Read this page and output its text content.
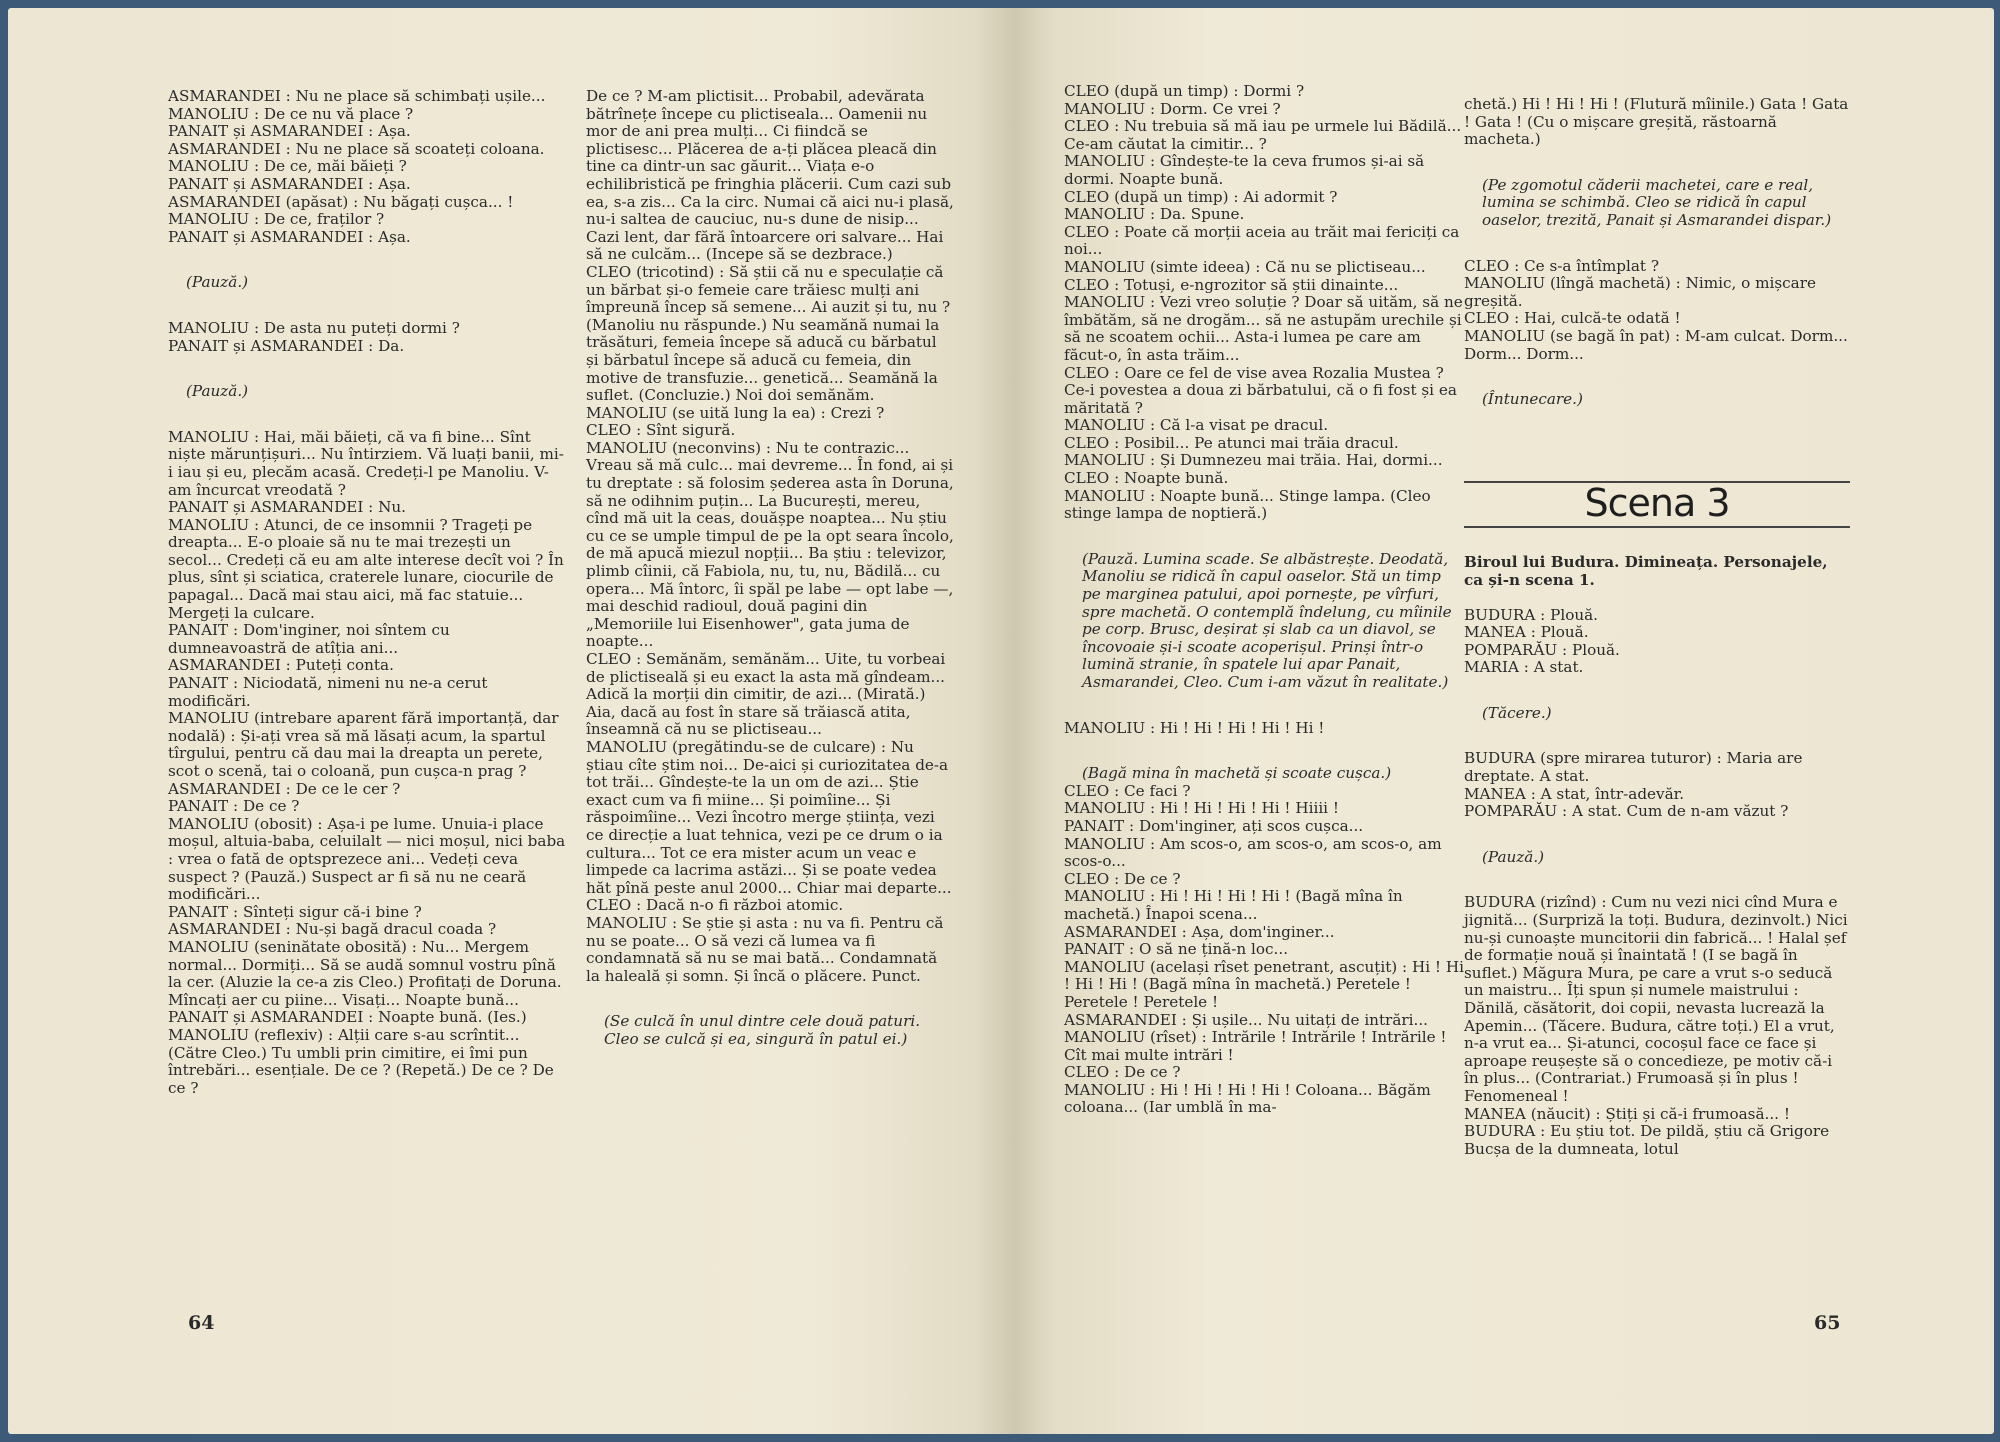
ASMARANDEI : Nu ne place să schimbați ușile...

MANOLIU : De ce nu vă place ?

PANAIT și ASMARANDEI : Așa.

ASMARANDEI : Nu ne place să scoateți coloana.

MANOLIU : De ce, măi băieți ?

PANAIT și ASMARANDEI : Așa.

ASMARANDEI (apăsat) : Nu băgați cușca... !

MANOLIU : De ce, fraților ?

PANAIT și ASMARANDEI : Așa.

(Pauză.)

MANOLIU : De asta nu puteți dormi ?

PANAIT și ASMARANDEI : Da.

(Pauză.)

MANOLIU : Hai, măi băieți, că va fi bine... Sînt niște mărunțișuri... Nu întirziem. Vă luați banii, mi-i iau și eu, plecăm acasă. Credeți-l pe Manoliu. V-am încurcat vreodată ?

PANAIT și ASMARANDEI : Nu.

MANOLIU : Atunci, de ce insomnii ? Trageți pe dreapta... E-o ploaie să nu te mai trezești un secol... Credeți că eu am alte interese decît voi ? În plus, sînt și sciatica, craterele lunare, ciocurile de papagal... Dacă mai stau aici, mă fac statuie... Mergeți la culcare.

PANAIT : Dom'inginer, noi sîntem cu dumneavoastră de atîția ani...

ASMARANDEI : Puteți conta.

PANAIT : Niciodată, nimeni nu ne-a cerut modificări.

MANOLIU (intrebare aparent fără importanță, dar nodală) : Și-ați vrea să mă lăsați acum, la spartul tîrgului, pentru că dau mai la dreapta un perete, scot o scenă, tai o coloană, pun cușca-n prag ?

ASMARANDEI : De ce le cer ?

PANAIT : De ce ?

MANOLIU (obosit) : Așa-i pe lume. Unuia-i place moșul, altuia-baba, celuilalt — nici moșul, nici baba : vrea o fată de optsprezece ani... Vedeți ceva suspect ? (Pauză.) Suspect ar fi să nu ne ceară modificări...

PANAIT : Sînteți sigur că-i bine ?

ASMARANDEI : Nu-și bagă dracul coada ?

MANOLIU (seninătate obosită) : Nu... Mergem normal... Dormiți... Să se audă somnul vostru pînă la cer. (Aluzie la ce-a zis Cleo.) Profitați de Doruna. Mîncați aer cu piine... Visați... Noapte bună...

PANAIT și ASMARANDEI : Noapte bună. (Ies.)

MANOLIU (reflexiv) : Alții care s-au scrîntit... (Către Cleo.) Tu umbli prin cimitire, ei îmi pun întrebări... esențiale. De ce ? (Repetă.) De ce ? De ce ?

De ce ? M-am plictisit... Probabil, adevărata bătrînețe începe cu plictiseala... Oamenii nu mor de ani prea mulți... Ci fiindcă se plictisesc... Plăcerea de a-ți plăcea pleacă din tine ca dintr-un sac găurit... Viața e-o echilibristică pe fringhia plăcerii. Cum cazi sub ea, s-a zis... Ca la circ. Numai că aici nu-i plasă, nu-i saltea de cauciuc, nu-s dune de nisip... Cazi lent, dar fără întoarcere ori salvare... Hai să ne culcăm... (Incepe să se dezbrace.)

CLEO (tricotind) : Să știi că nu e speculație că un bărbat și-o femeie care trăiesc mulți ani împreună încep să semene... Ai auzit și tu, nu ? (Manoliu nu răspunde.) Nu seamănă numai la trăsături, femeia începe să aducă cu bărbatul și bărbatul începe să aducă cu femeia, din motive de transfuzie... genetică... Seamănă la suflet. (Concluzie.) Noi doi semănăm.

MANOLIU (se uită lung la ea) : Crezi ?

CLEO : Sînt sigură.

MANOLIU (neconvins) : Nu te contrazic... Vreau să mă culc... mai devreme... În fond, ai și tu dreptate : să folosim șederea asta în Doruna, să ne odihnim puțin... La București, mereu, cînd mă uit la ceas, douășpe noaptea... Nu știu cu ce se umple timpul de pe la opt seara încolo, de mă apucă miezul nopții... Ba știu : televizor, plimb cîinii, că Fabiola, nu, tu, nu, Bădilă... cu opera... Mă întorc, îi spăl pe labe — opt labe —, mai deschid radioul, două pagini din „Memoriile lui Eisenhower", gata juma de noapte...

CLEO : Semănăm, semănăm... Uite, tu vorbeai de plictiseală și eu exact la asta mă gîndeam... Adică la morții din cimitir, de azi... (Mirată.) Aia, dacă au fost în stare să trăiască atita, înseamnă că nu se plictiseau...

MANOLIU (pregătindu-se de culcare) : Nu știau cîte știm noi... De-aici și curiozitatea de-a tot trăi... Gîndește-te la un om de azi... Știe exact cum va fi miine... Și poimîine... Și răspoimîine... Vezi încotro merge știința, vezi ce direcție a luat tehnica, vezi pe ce drum o ia cultura... Tot ce era mister acum un veac e limpede ca lacrima astăzi... Și se poate vedea hăt pînă peste anul 2000... Chiar mai departe...

CLEO : Dacă n-o fi război atomic.

MANOLIU : Se știe și asta : nu va fi. Pentru că nu se poate... O să vezi că lumea va fi condamnată să nu se mai bată... Condamnată la haleală și somn. Și încă o plăcere. Punct.

(Se culcă în unul dintre cele două paturi. Cleo se culcă și ea, singură în patul ei.)

64

CLEO (după un timp) : Dormi ?

MANOLIU : Dorm. Ce vrei ?

CLEO : Nu trebuia să mă iau pe urmele lui Bădilă... Ce-am căutat la cimitir... ?

MANOLIU : Gîndește-te la ceva frumos și-ai să dormi. Noapte bună.

CLEO (după un timp) : Ai adormit ?

MANOLIU : Da. Spune.

CLEO : Poate că morții aceia au trăit mai fericiți ca noi...

MANOLIU (simte ideea) : Că nu se plictiseau...

CLEO : Totuși, e-ngrozitor să știi dinainte...

MANOLIU : Vezi vreo soluție ? Doar să uităm, să ne îmbătăm, să ne drogăm... să ne astupăm urechile și să ne scoatem ochii... Asta-i lumea pe care am făcut-o, în asta trăim...

CLEO : Oare ce fel de vise avea Rozalia Mustea ? Ce-i povestea a doua zi bărbatului, că o fi fost și ea măritată ?

MANOLIU : Că l-a visat pe dracul.

CLEO : Posibil... Pe atunci mai trăia dracul.

MANOLIU : Și Dumnezeu mai trăia. Hai, dormi...

CLEO : Noapte bună.

MANOLIU : Noapte bună... Stinge lampa. (Cleo stinge lampa de noptieră.)

(Pauză. Lumina scade. Se albăstrește. Deodată, Manoliu se ridică în capul oaselor. Stă un timp pe marginea patului, apoi pornește, pe vîrfuri, spre machetă. O contemplă îndelung, cu mîinile pe corp. Brusc, deșirat și slab ca un diavol, se încovoaie și-i scoate acoperișul. Prinși într-o lumină stranie, în spatele lui apar Panait, Asmarandei, Cleo. Cum i-am văzut în realitate.)

MANOLIU : Hi ! Hi ! Hi ! Hi ! Hi !

(Bagă mina în machetă și scoate cușca.)

CLEO : Ce faci ?

MANOLIU : Hi ! Hi ! Hi ! Hi ! Hiiii !

PANAIT : Dom'inginer, ați scos cușca...

MANOLIU : Am scos-o, am scos-o, am scos-o, am scos-o...

CLEO : De ce ?

MANOLIU : Hi ! Hi ! Hi ! Hi ! (Bagă mîna în machetă.) Înapoi scena...

ASMARANDEI : Așa, dom'inginer...

PANAIT : O să ne țină-n loc...

MANOLIU (același rîset penetrant, ascuțit) : Hi ! Hi ! Hi ! Hi ! (Bagă mîna în machetă.) Peretele ! Peretele ! Peretele !

ASMARANDEI : Și ușile... Nu uitați de intrări...

MANOLIU (rîset) : Intrările ! Intrările ! Intrările ! Cît mai multe intrări !

CLEO : De ce ?

MANOLIU : Hi ! Hi ! Hi ! Hi ! Coloana... Băgăm coloana... (Iar umblă în ma-

chetă.) Hi ! Hi ! Hi ! (Flutură mîinile.) Gata ! Gata ! Gata ! (Cu o mișcare greșită, răstoarnă macheta.)

(Pe zgomotul căderii machetei, care e real, lumina se schimbă. Cleo se ridică în capul oaselor, trezită, Panait și Asmarandei dispar.)

CLEO : Ce s-a întîmplat ?

MANOLIU (lîngă machetă) : Nimic, o mișcare greșită.

CLEO : Hai, culcă-te odată !

MANOLIU (se bagă în pat) : M-am culcat. Dorm... Dorm... Dorm...

(Întunecare.)

Scena 3

Biroul lui Budura. Dimineața. Personajele, ca și-n scena 1.

BUDURA : Plouă.

MANEA : Plouă.

POMPARĂU : Plouă.

MARIA : A stat.

(Tăcere.)

BUDURA (spre mirarea tuturor) : Maria are dreptate. A stat.

MANEA : A stat, într-adevăr.

POMPARĂU : A stat. Cum de n-am văzut ?

(Pauză.)

BUDURA (rizînd) : Cum nu vezi nici cînd Mura e jignită... (Surpriză la toți. Budura, dezinvolt.) Nici nu-și cunoaște muncitorii din fabrică... ! Halal șef de formație nouă și înaintată ! (I se bagă în suflet.) Măgura Mura, pe care a vrut s-o seducă un maistru... Îți spun și numele maistrului : Dănilă, căsătorit, doi copii, nevasta lucrează la Apemin... (Tăcere. Budura, către toți.) El a vrut, n-a vrut ea... Și-atunci, cocoșul face ce face și aproape reușește să o concedieze, pe motiv că-i în plus... (Contrariat.) Frumoasă și în plus ! Fenomeneal !

MANEA (năucit) : Știți și că-i frumoasă... !

BUDURA : Eu știu tot. De pildă, știu că Grigore Bucșa de la dumneata, lotul

65
